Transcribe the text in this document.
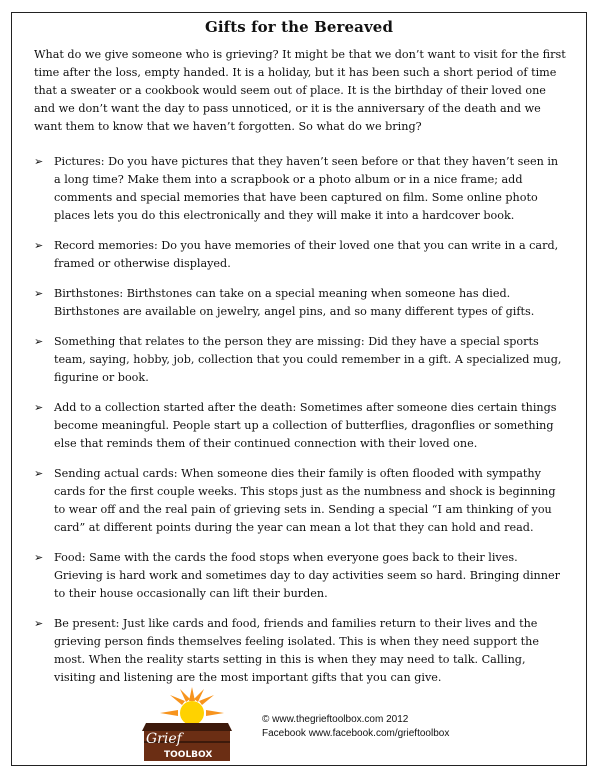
Gifts for the Bereaved

What do we give someone who is grieving? It might be that we don’t want to visit for the first time after the loss, empty handed. It is a holiday, but it has been such a short period of time that a sweater or a cookbook would seem out of place. It is the birthday of their loved one and we don’t want the day to pass unnoticed, or it is the anniversary of the death and we want them to know that we haven’t forgotten. So what do we bring?

➢ Pictures: Do you have pictures that they haven’t seen before or that they haven’t seen in a long time? Make them into a scrapbook or a photo album or in a nice frame; add comments and special memories that have been captured on film. Some online photo places lets you do this electronically and they will make it into a hardcover book.
➢ Record memories: Do you have memories of their loved one that you can write in a card, framed or otherwise displayed.
➢ Birthstones: Birthstones can take on a special meaning when someone has died. Birthstones are available on jewelry, angel pins, and so many different types of gifts.
➢ Something that relates to the person they are missing: Did they have a special sports team, saying, hobby, job, collection that you could remember in a gift. A specialized mug, figurine or book.
➢ Add to a collection started after the death: Sometimes after someone dies certain things become meaningful. People start up a collection of butterflies, dragonflies or something else that reminds them of their continued connection with their loved one.
➢ Sending actual cards: When someone dies their family is often flooded with sympathy cards for the first couple weeks. This stops just as the numbness and shock is beginning to wear off and the real pain of grieving sets in. Sending a special “I am thinking of you card” at different points during the year can mean a lot that they can hold and read.
➢ Food: Same with the cards the food stops when everyone goes back to their lives. Grieving is hard work and sometimes day to day activities seem so hard. Bringing dinner to their house occasionally can lift their burden.
➢ Be present: Just like cards and food, friends and families return to their lives and the grieving person finds themselves feeling isolated. This is when they need support the most. When the reality starts setting in this is when they may need to talk. Calling, visiting and listening are the most important gifts that you can give.
Grief
TOOLBOX
© www.thegrieftoolbox.com 2012
Facebook www.facebook.com/grieftoolbox
